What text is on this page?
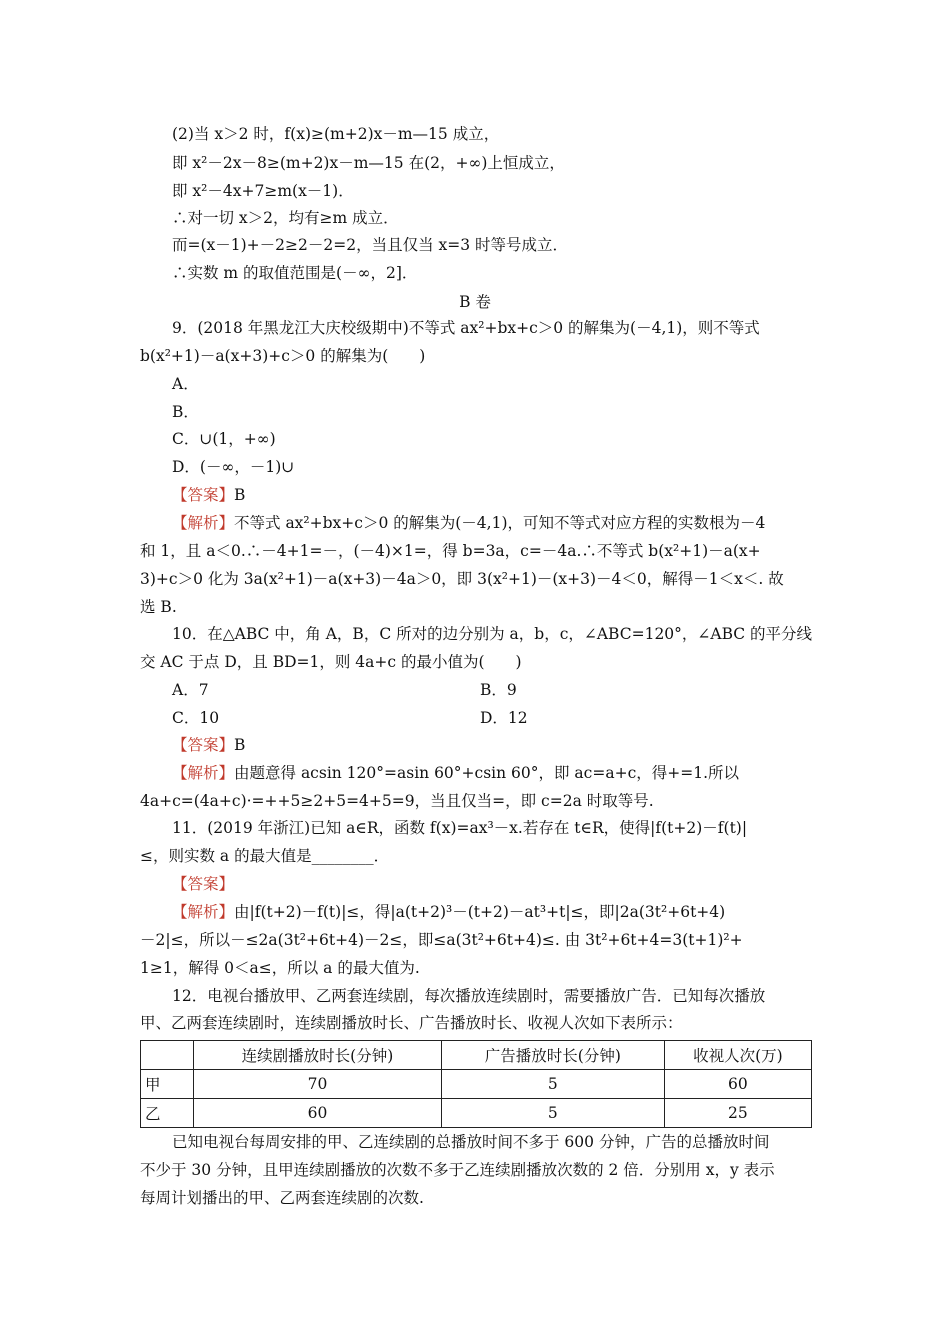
(2)当 x＞2 时，f(x)≥(m+2)x－m—15 成立，
即 x²－2x－8≥(m+2)x－m—15 在(2，+∞)上恒成立，
即 x²－4x+7≥m(x－1)．
∴对一切 x＞2，均有≥m 成立．
而=(x－1)+－2≥2－2=2，当且仅当 x=3 时等号成立．
∴实数 m 的取值范围是(－∞，2]．
B 卷
9．(2018 年黑龙江大庆校级期中)不等式 ax²+bx+c＞0 的解集为(－4,1)，则不等式
b(x²+1)－a(x+3)+c＞0 的解集为(　　)
A．
B．
C．∪(1，+∞)
D．(－∞，－1)∪
【答案】B
【解析】不等式 ax²+bx+c＞0 的解集为(－4,1)，可知不等式对应方程的实数根为－4
和 1，且 a＜0.∴－4+1=－，(－4)×1=，得 b=3a，c=－4a.∴不等式 b(x²+1)－a(x+
3)+c＞0 化为 3a(x²+1)－a(x+3)－4a＞0，即 3(x²+1)－(x+3)－4＜0，解得－1＜x＜. 故
选 B.
10．在△ABC 中，角 A，B，C 所对的边分别为 a，b，c，∠ABC=120°，∠ABC 的平分线
交 AC 于点 D，且 BD=1，则 4a+c 的最小值为(　　)
A．7	B．9
C．10	D．12
【答案】B
【解析】由题意得 acsin 120°=asin 60°+csin 60°，即 ac=a+c，得+=1.所以
4a+c=(4a+c)·=++5≥2+5=4+5=9，当且仅当=，即 c=2a 时取等号.
11．(2019 年浙江)已知 a∈R，函数 f(x)=ax³－x.若存在 t∈R，使得|f(t+2)－f(t)|
≤，则实数 a 的最大值是________．
【答案】
【解析】由|f(t+2)－f(t)|≤，得|a(t+2)³－(t+2)－at³+t|≤，即|2a(3t²+6t+4)
－2|≤，所以－≤2a(3t²+6t+4)－2≤，即≤a(3t²+6t+4)≤. 由 3t²+6t+4=3(t+1)²+
1≥1，解得 0＜a≤，所以 a 的最大值为.
12．电视台播放甲、乙两套连续剧，每次播放连续剧时，需要播放广告．已知每次播放
甲、乙两套连续剧时，连续剧播放时长、广告播放时长、收视人次如下表所示：
	连续剧播放时长(分钟)	广告播放时长(分钟)	收视人次(万)
甲	70	5	60
乙	60	5	25
已知电视台每周安排的甲、乙连续剧的总播放时间不多于 600 分钟，广告的总播放时间
不少于 30 分钟，且甲连续剧播放的次数不多于乙连续剧播放次数的 2 倍．分别用 x，y 表示
每周计划播出的甲、乙两套连续剧的次数.
